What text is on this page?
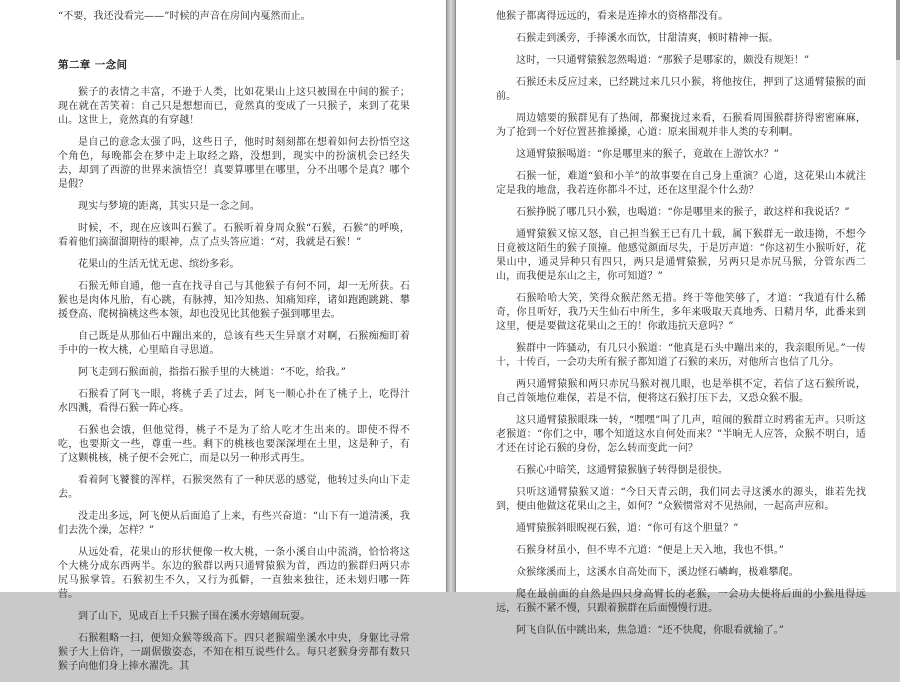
“不要，我还没看完——”时候的声音在房间内戛然而止。

第二章 一念间

猴子的表情之丰富，不逊于人类，比如花果山上这只被围在中间的猴子；现在就在苦笑着：自己只是想想而已，竟然真的变成了一只猴子，来到了花果山。这世上，竟然真的有穿越！

是自己的意念太强了吗，这些日子，他时时刻刻都在想着如何去扮悟空这个角色，每晚都会在梦中走上取经之路，没想到，现实中的扮演机会已经失去，却到了西游的世界来演悟空！真要算哪里在哪里，分不出哪个是真？哪个是假？

现实与梦境的距离，其实只是一念之间。

时候，不，现在应该叫石猴了。石猴听着身周众猴“石猴，石猴”的呼唤，看着他们滴溜溜期待的眼神，点了点头答应道：“对，我就是石猴！”

花果山的生活无忧无虑、缤纷多彩。

石猴无师自通，他一直在找寻自己与其他猴子有何不同，却一无所获。石猴也是肉体凡胎，有心跳，有脉搏，知冷知热、知痛知痒，诸如跑跑跳跳、攀援登高、爬树摘桃这些本领，却也没见比其他猴子强到哪里去。

自己既是从那仙石中蹦出来的，总该有些天生异禀才对啊，石猴痴痴盯着手中的一枚大桃，心里暗自寻思道。

阿飞走到石猴面前，指指石猴手里的大桃道：“不吃，给我。”

石猴看了阿飞一眼，将桃子丢了过去，阿飞一顺心扑在了桃子上，吃得汁水四溅，看得石猴一阵心疼。

石猴也会饿，但他觉得，桃子不是为了给人吃才生出来的。即使不得不吃，也要斯文一些，尊重一些。剩下的桃核也要深深埋在土里，这是种子，有了这颗桃核，桃子便不会死亡，而是以另一种形式再生。

看着阿飞饕餮的浑样，石猴突然有了一种厌恶的感觉，他转过头向山下走去。

没走出多远，阿飞便从后面追了上来，有些兴奋道：“山下有一道清溪，我们去洗个澡，怎样？”

从远处看，花果山的形状便像一枚大桃，一条小溪自山中流淌，恰恰将这个大桃分成东西两半。东边的猴群以两只通臂猿猴为首，西边的猴群归两只赤尻马猴掌管。石猴初生不久，又行为孤僻，一直独来独往，还未划归哪一阵营。

到了山下，见成百上千只猴子围在溪水旁嬉闹玩耍。

石猴粗略一扫，便知众猴等级高下。四只老猴端坐溪水中央，身躯比寻常猴子大上倍许，一副倨傲姿态，不知在相互说些什么。每只老猴身旁都有数只猴子向他们身上捧水濯洗。其

他猴子都离得远远的，看来是连捧水的资格都没有。

石猴走到溪旁，手捧溪水而饮，甘甜清爽，顿时精神一振。

这时，一只通臂猿猴忽然喝道：“那猴子是哪家的，颇没有规矩！”

石猴还未反应过来，已经跳过来几只小猴，将他按住，押到了这通臂猿猴的面前。

周边嬉要的猴群见有了热闹，都聚拢过来看，石猴看周围猴群挤得密密麻麻，为了抢到一个好位置甚推搡搡，心道：原来围观并非人类的专利啊。

这通臂猿猴喝道：“你是哪里来的猴子，竟敢在上游饮水？”

石猴一怔，难道“狼和小羊”的故事要在自己身上重演？心道，这花果山本就注定是我的地盘，我若连你都斗不过，还在这里混个什么劲？

石猴挣脱了哪几只小猴，也喝道：“你是哪里来的猴子，敢这样和我说话？”

通臂猿猴又惊又怒，自己担当猴王已有几十载，属下猴群无一敢违拗，不想今日竟被这陌生的猴子顶撞。他感觉颜面尽失，于是厉声道：“你这初生小猴听好，花果山中，通灵异种只有四只，两只是通臂猿猴，另两只是赤尻马猴，分管东西二山，而我便是东山之主，你可知道？”

石猴哈哈大笑，笑得众猴茫然无措。终于等他笑够了，才道：“我道有什么稀奇，你且听好，我乃天生仙石中所生，多年来吸取天真地秀、日精月华，此番来到这里，便是要做这花果山之王的！你敢违抗天意吗？”

猴群中一阵骚动，有几只小猴道：“他真是石头中蹦出来的，我亲眼所见。”一传十，十传百，一会功夫所有猴子都知道了石猴的来历，对他所言也信了几分。

两只通臂猿猴和两只赤尻马猴对视几眼，也是举棋不定，若信了这石猴所说，自己首领地位难保，若是不信，便将这石猴打压下去，又恐众猴不服。

这只通臂猿猴眼珠一转，“嘿嘿”叫了几声，喧闹的猴群立时鸦雀无声。只听这老猴道：“你们之中，哪个知道这水自何处而来？”半晌无人应答，众猴不明白，适才还在讨论石猴的身份，怎么转而变此一问？

石猴心中暗笑，这通臂猿猴脑子转得倒是很快。

只听这通臂猿猴又道：“今日天青云朗，我们同去寻这溪水的源头，谁若先找到，便由他做这花果山之主，如何？”众猴惯常对不见热闹，一起高声应和。

通臂猿猴斜眼睨视石猴，道：“你可有这个胆量？”

石猴身材虽小，但不卑不亢道：“便是上天入地，我也不惧。”

众猴缘溪而上，这溪水自高处而下，溪边怪石嶙峋，极难攀爬。

爬在最前面的自然是四只身高臂长的老猴，一会功夫便将后面的小猴甩得远远，石猴不紧不慢，只跟着猴群在后面慢慢行进。

阿飞自队伍中跳出来，焦急道：“还不快爬，你眼看就输了。”
